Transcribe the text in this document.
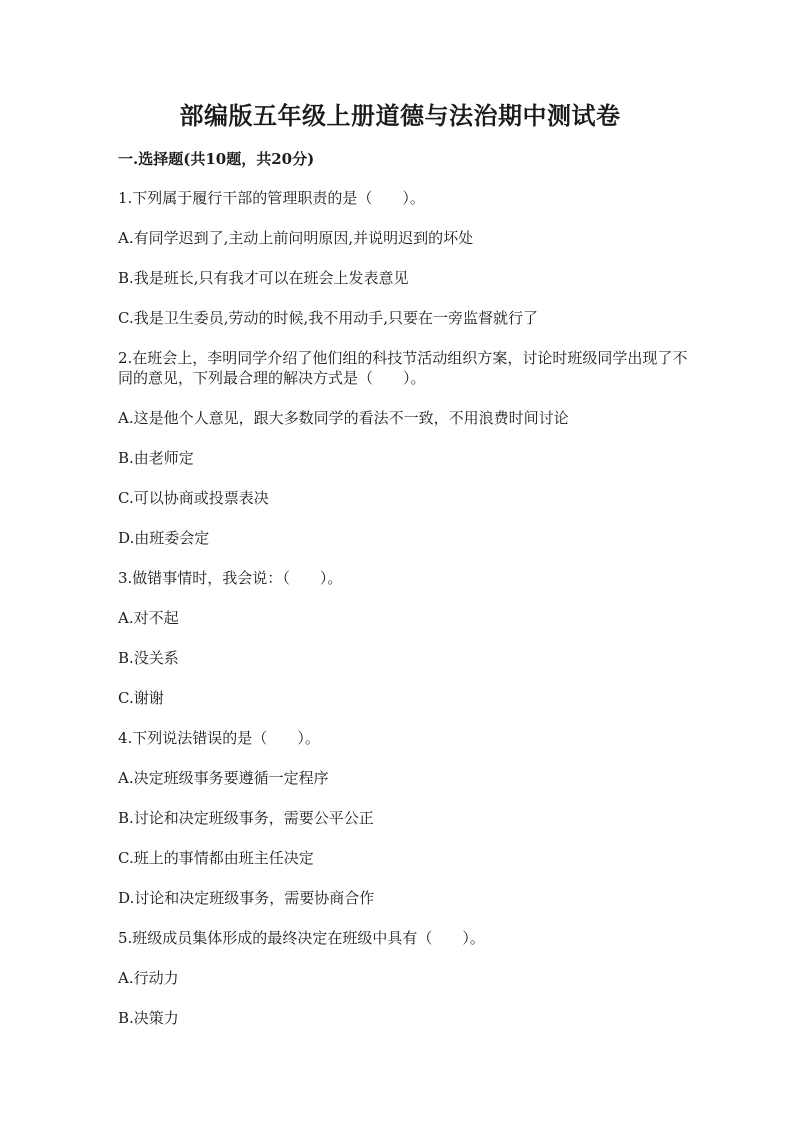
部编版五年级上册道德与法治期中测试卷
一.选择题(共10题，共20分)
1.下列属于履行干部的管理职责的是（　　）。
A.有同学迟到了,主动上前问明原因,并说明迟到的坏处
B.我是班长,只有我才可以在班会上发表意见
C.我是卫生委员,劳动的时候,我不用动手,只要在一旁监督就行了
2.在班会上，李明同学介绍了他们组的科技节活动组织方案，讨论时班级同学出现了不同的意见，下列最合理的解决方式是（　　）。
A.这是他个人意见，跟大多数同学的看法不一致，不用浪费时间讨论
B.由老师定
C.可以协商或投票表决
D.由班委会定
3.做错事情时，我会说：（　　）。
A.对不起
B.没关系
C.谢谢
4.下列说法错误的是（　　）。
A.决定班级事务要遵循一定程序
B.讨论和决定班级事务，需要公平公正
C.班上的事情都由班主任决定
D.讨论和决定班级事务，需要协商合作
5.班级成员集体形成的最终决定在班级中具有（　　）。
A.行动力
B.决策力
